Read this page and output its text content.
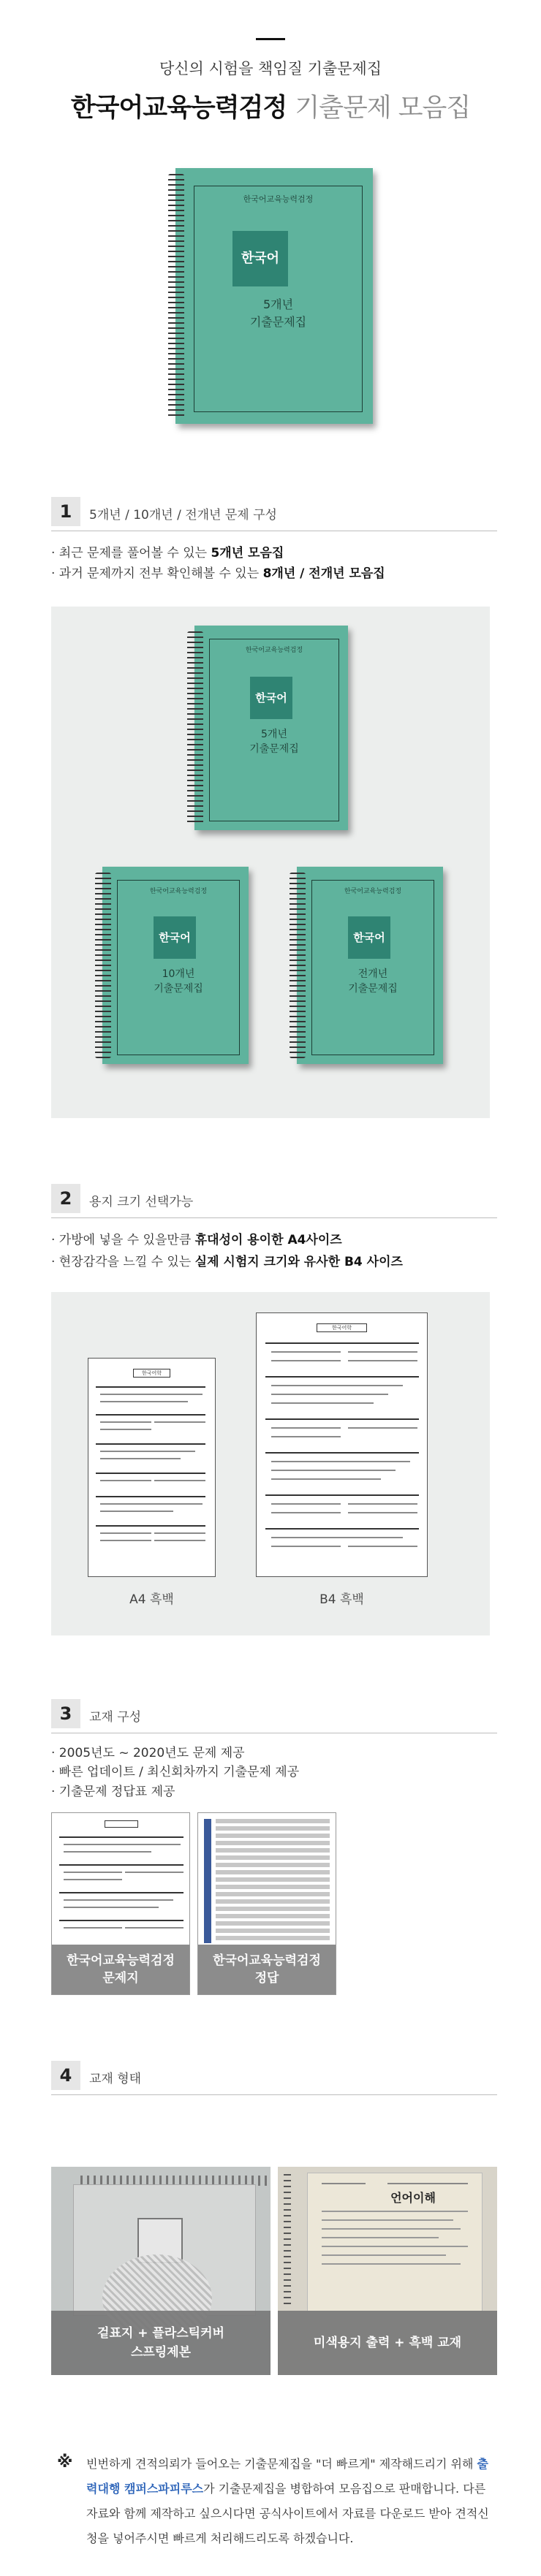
당신의 시험을 책임질 기출문제집
한국어교육능력검정 기출문제 모음집
한국어교육능력검정
한국어
5개년
기출문제집
1	5개년 / 10개년 / 전개년 문제 구성
· 최근 문제를 풀어볼 수 있는 5개년 모음집
· 과거 문제까지 전부 확인해볼 수 있는 8개년 / 전개년 모음집
한국어교육능력검정
한국어
5개년
기출문제집
한국어교육능력검정
한국어
10개년
기출문제집
한국어교육능력검정
한국어
전개년
기출문제집
2	용지 크기 선택가능
· 가방에 넣을 수 있을만큼 휴대성이 용이한 A4사이즈
· 현장감각을 느낄 수 있는 실제 시험지 크기와 유사한 B4 사이즈
한국어학
한국어학
A4 흑백	B4 흑백
3	교재 구성
· 2005년도 ~ 2020년도 문제 제공
· 빠른 업데이트 / 최신회차까지 기출문제 제공
· 기출문제 정답표 제공
한국어교육능력검정
문제지
한국어교육능력검정
정답
4	교재 형태
겉표지 + 플라스틱커버
스프링제본
언어이해
미색용지 출력 + 흑백 교재
※ 빈번하게 견적의뢰가 들어오는 기출문제집을 "더 빠르게" 제작해드리기 위해 출력대행 캠퍼스파피루스가 기출문제집을 병합하여 모음집으로 판매합니다. 다른 자료와 함께 제작하고 싶으시다면 공식사이트에서 자료를 다운로드 받아 견적신청을 넣어주시면 빠르게 처리해드리도록 하겠습니다.
